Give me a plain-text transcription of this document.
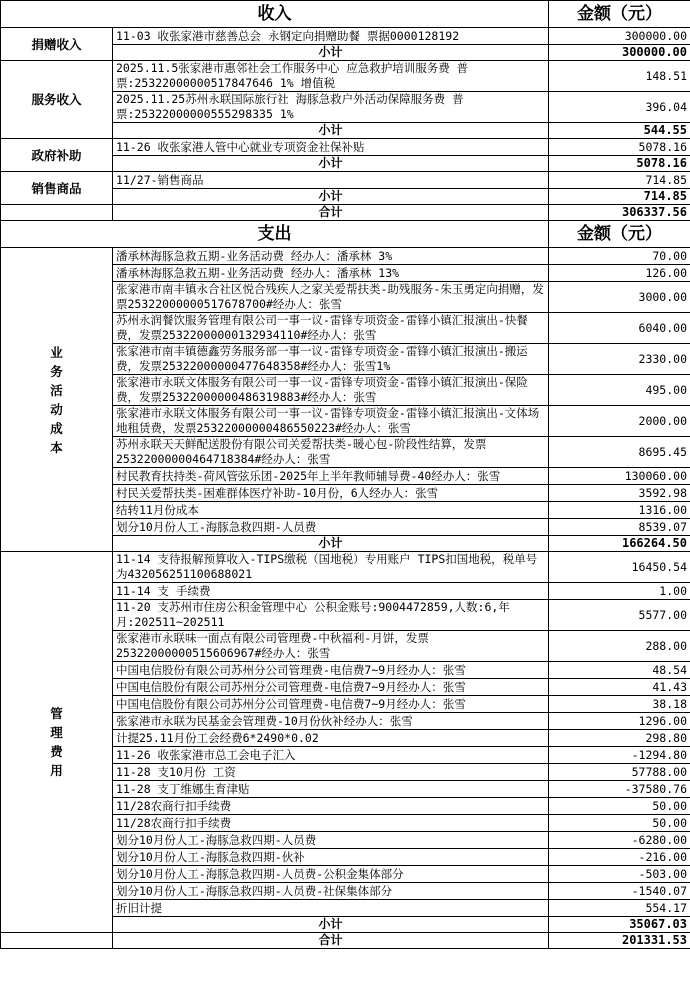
收入		金额（元）
捐赠收入	11-03 收张家港市慈善总会 永钢定向捐赠助餐 票据0000128192	300000.00
	小计	300000.00
服务收入	2025.11.5张家港市惠邻社会工作服务中心 应急救护培训服务费 普票:25322000000517847646 1% 增值税	148.51
	2025.11.25苏州永联国际旅行社 海豚急救户外活动保障服务费 普票:25322000000555298335 1%	396.04
	小计	544.55
政府补助	11-26 收张家港人管中心就业专项资金社保补贴	5078.16
	小计	5078.16
销售商品	11/27-销售商品	714.85
	小计	714.85
	合计	306337.56
支出		金额（元）
业务活动成本	潘承林海豚急救五期-业务活动费 经办人：潘承林 3%	70.00
	潘承林海豚急救五期-业务活动费 经办人：潘承林 13%	126.00
	张家港市南丰镇永合社区悦合残疾人之家关爱帮扶类-助残服务-朱玉勇定向捐赠，发票25322000000517678700#经办人：张雪	3000.00
	苏州永润餐饮服务管理有限公司一事一议-雷锋专项资金-雷锋小镇汇报演出-快餐费，发票25322000000132934110#经办人：张雪	6040.00
	张家港市南丰镇德鑫劳务服务部一事一议-雷锋专项资金-雷锋小镇汇报演出-搬运费，发票25322000000477648358#经办人：张雪1%	2330.00
	张家港市永联文体服务有限公司一事一议-雷锋专项资金-雷锋小镇汇报演出-保险费，发票25322000000486319883#经办人：张雪	495.00
	张家港市永联文体服务有限公司一事一议-雷锋专项资金-雷锋小镇汇报演出-文体场地租赁费，发票25322000000486550223#经办人：张雪	2000.00
	苏州永联天天鲜配送股份有限公司关爱帮扶类-暖心包-阶段性结算，发票25322000000464718384#经办人：张雪	8695.45
	村民教育扶持类-荷风管弦乐团-2025年上半年教师辅导费-40经办人：张雪	130060.00
	村民关爱帮扶类-困难群体医疗补助-10月份，6人经办人：张雪	3592.98
	结转11月份成本	1316.00
	划分10月份人工-海豚急救四期-人员费	8539.07
	小计	166264.50
管理费用	11-14 支待报解预算收入-TIPS缴税（国地税）专用账户 TIPS扣国地税，税单号为432056251100688021	16450.54
	11-14 支 手续费	1.00
	11-20 支苏州市住房公积金管理中心 公积金账号:9004472859,人数:6,年月:202511~202511	5577.00
	张家港市永联味一面点有限公司管理费-中秋福利-月饼，发票25322000000515606967#经办人：张雪	288.00
	中国电信股份有限公司苏州分公司管理费-电信费7~9月经办人：张雪	48.54
	中国电信股份有限公司苏州分公司管理费-电信费7~9月经办人：张雪	41.43
	中国电信股份有限公司苏州分公司管理费-电信费7~9月经办人：张雪	38.18
	张家港市永联为民基金会管理费-10月份伙补经办人：张雪	1296.00
	计提25.11月份工会经费6*2490*0.02	298.80
	11-26 收张家港市总工会电子汇入	-1294.80
	11-28 支10月份 工资	57788.00
	11-28 支丁维娜生育津贴	-37580.76
	11/28农商行扣手续费	50.00
	11/28农商行扣手续费	50.00
	划分10月份人工-海豚急救四期-人员费	-6280.00
	划分10月份人工-海豚急救四期-伙补	-216.00
	划分10月份人工-海豚急救四期-人员费-公积金集体部分	-503.00
	划分10月份人工-海豚急救四期-人员费-社保集体部分	-1540.07
	折旧计提	554.17
	小计	35067.03
	合计	201331.53
